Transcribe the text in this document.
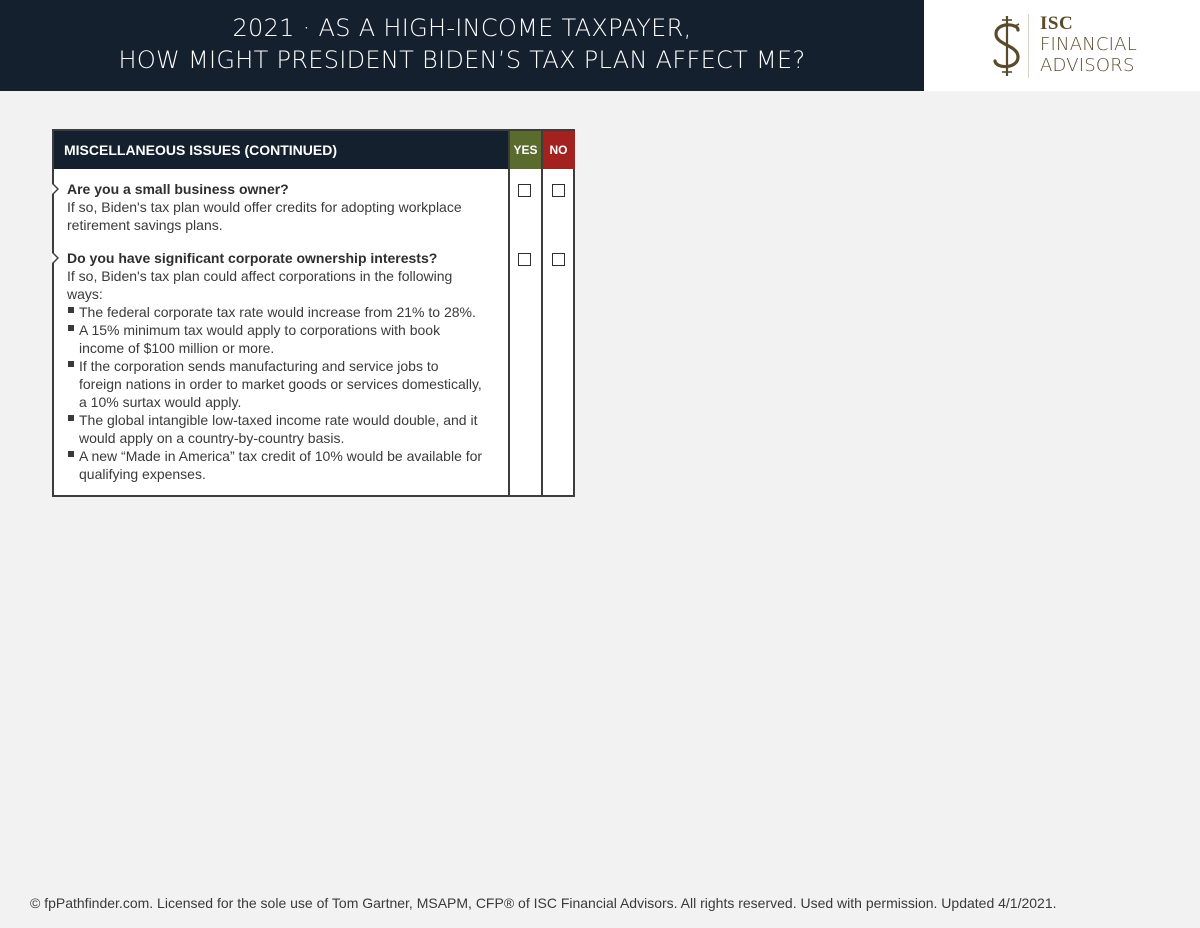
2021 · AS A HIGH-INCOME TAXPAYER,
HOW MIGHT PRESIDENT BIDEN’S TAX PLAN AFFECT ME?
ISC
FINANCIAL
ADVISORS
MISCELLANEOUS ISSUES (CONTINUED)	YES	NO
Are you a small business owner?
If so, Biden's tax plan would offer credits for adopting workplace
retirement savings plans.
Do you have significant corporate ownership interests?
If so, Biden's tax plan could affect corporations in the following
ways:
The federal corporate tax rate would increase from 21% to 28%.
A 15% minimum tax would apply to corporations with book
income of $100 million or more.
If the corporation sends manufacturing and service jobs to
foreign nations in order to market goods or services domestically,
a 10% surtax would apply.
The global intangible low-taxed income rate would double, and it
would apply on a country-by-country basis.
A new “Made in America” tax credit of 10% would be available for
qualifying expenses.
© fpPathfinder.com. Licensed for the sole use of Tom Gartner, MSAPM, CFP® of ISC Financial Advisors. All rights reserved. Used with permission. Updated 4/1/2021.
